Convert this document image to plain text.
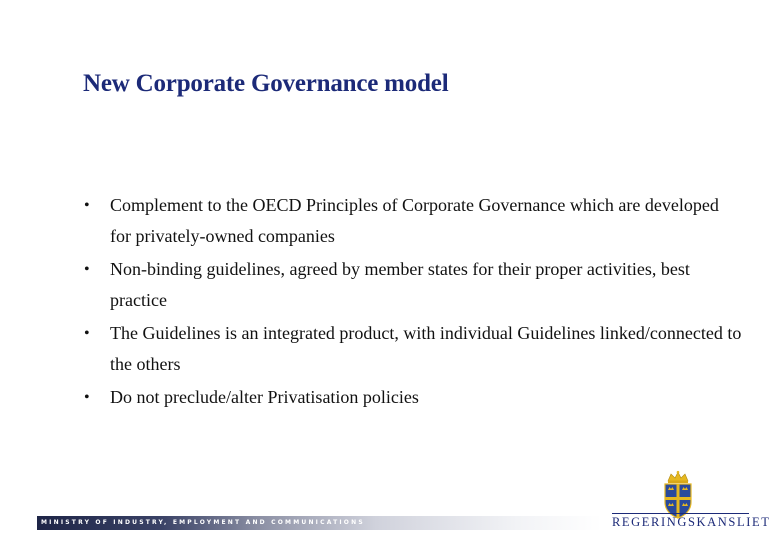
New Corporate Governance model
• Complement to the OECD Principles of Corporate Governance which are developed for privately-owned companies
• Non-binding guidelines, agreed by member states for their proper activities, best practice
• The Guidelines is an integrated product, with individual Guidelines linked/connected to the others
• Do not preclude/alter Privatisation policies
MINISTRY OF INDUSTRY, EMPLOYMENT AND COMMUNICATIONS	REGERINGSKANSLIET
